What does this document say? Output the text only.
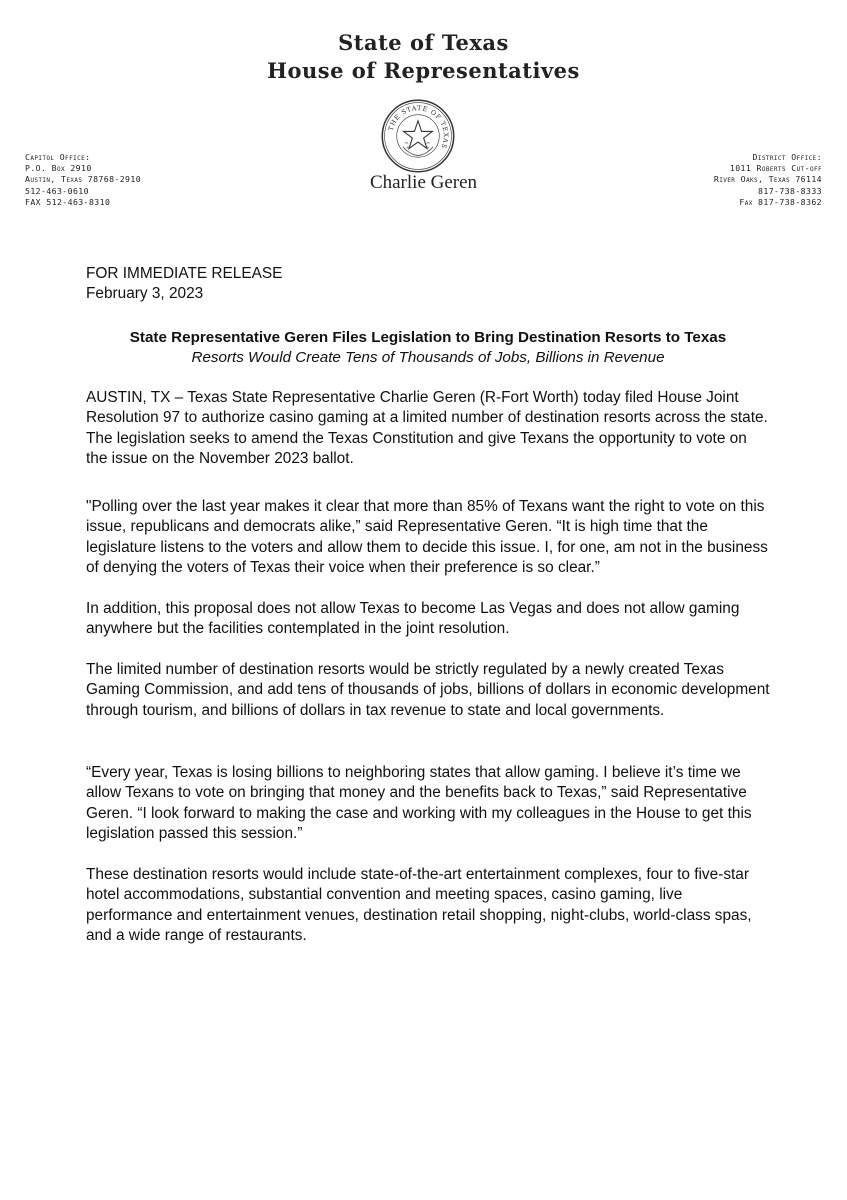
State of Texas
House of Representatives
THE STATE OF TEXAS
Charlie Geren
Capitol Office:
P.O. Box 2910
Austin, Texas 78768-2910
512-463-0610
FAX 512-463-8310
District Office:
1011 Roberts Cut-off
River Oaks, Texas 76114
817-738-8333
Fax 817-738-8362
FOR IMMEDIATE RELEASE
February 3, 2023
State Representative Geren Files Legislation to Bring Destination Resorts to Texas
Resorts Would Create Tens of Thousands of Jobs, Billions in Revenue

AUSTIN, TX – Texas State Representative Charlie Geren (R-Fort Worth) today filed House Joint Resolution 97 to authorize casino gaming at a limited number of destination resorts across the state. The legislation seeks to amend the Texas Constitution and give Texans the opportunity to vote on the issue on the November 2023 ballot.

"Polling over the last year makes it clear that more than 85% of Texans want the right to vote on this issue, republicans and democrats alike,” said Representative Geren. “It is high time that the legislature listens to the voters and allow them to decide this issue. I, for one, am not in the business of denying the voters of Texas their voice when their preference is so clear.”

In addition, this proposal does not allow Texas to become Las Vegas and does not allow gaming anywhere but the facilities contemplated in the joint resolution.

The limited number of destination resorts would be strictly regulated by a newly created Texas Gaming Commission, and add tens of thousands of jobs, billions of dollars in economic development through tourism, and billions of dollars in tax revenue to state and local governments.

“Every year, Texas is losing billions to neighboring states that allow gaming. I believe it’s time we allow Texans to vote on bringing that money and the benefits back to Texas,” said Representative Geren. “I look forward to making the case and working with my colleagues in the House to get this legislation passed this session.”

These destination resorts would include state-of-the-art entertainment complexes, four to five-star hotel accommodations, substantial convention and meeting spaces, casino gaming, live performance and entertainment venues, destination retail shopping, night-clubs, world-class spas, and a wide range of restaurants.
